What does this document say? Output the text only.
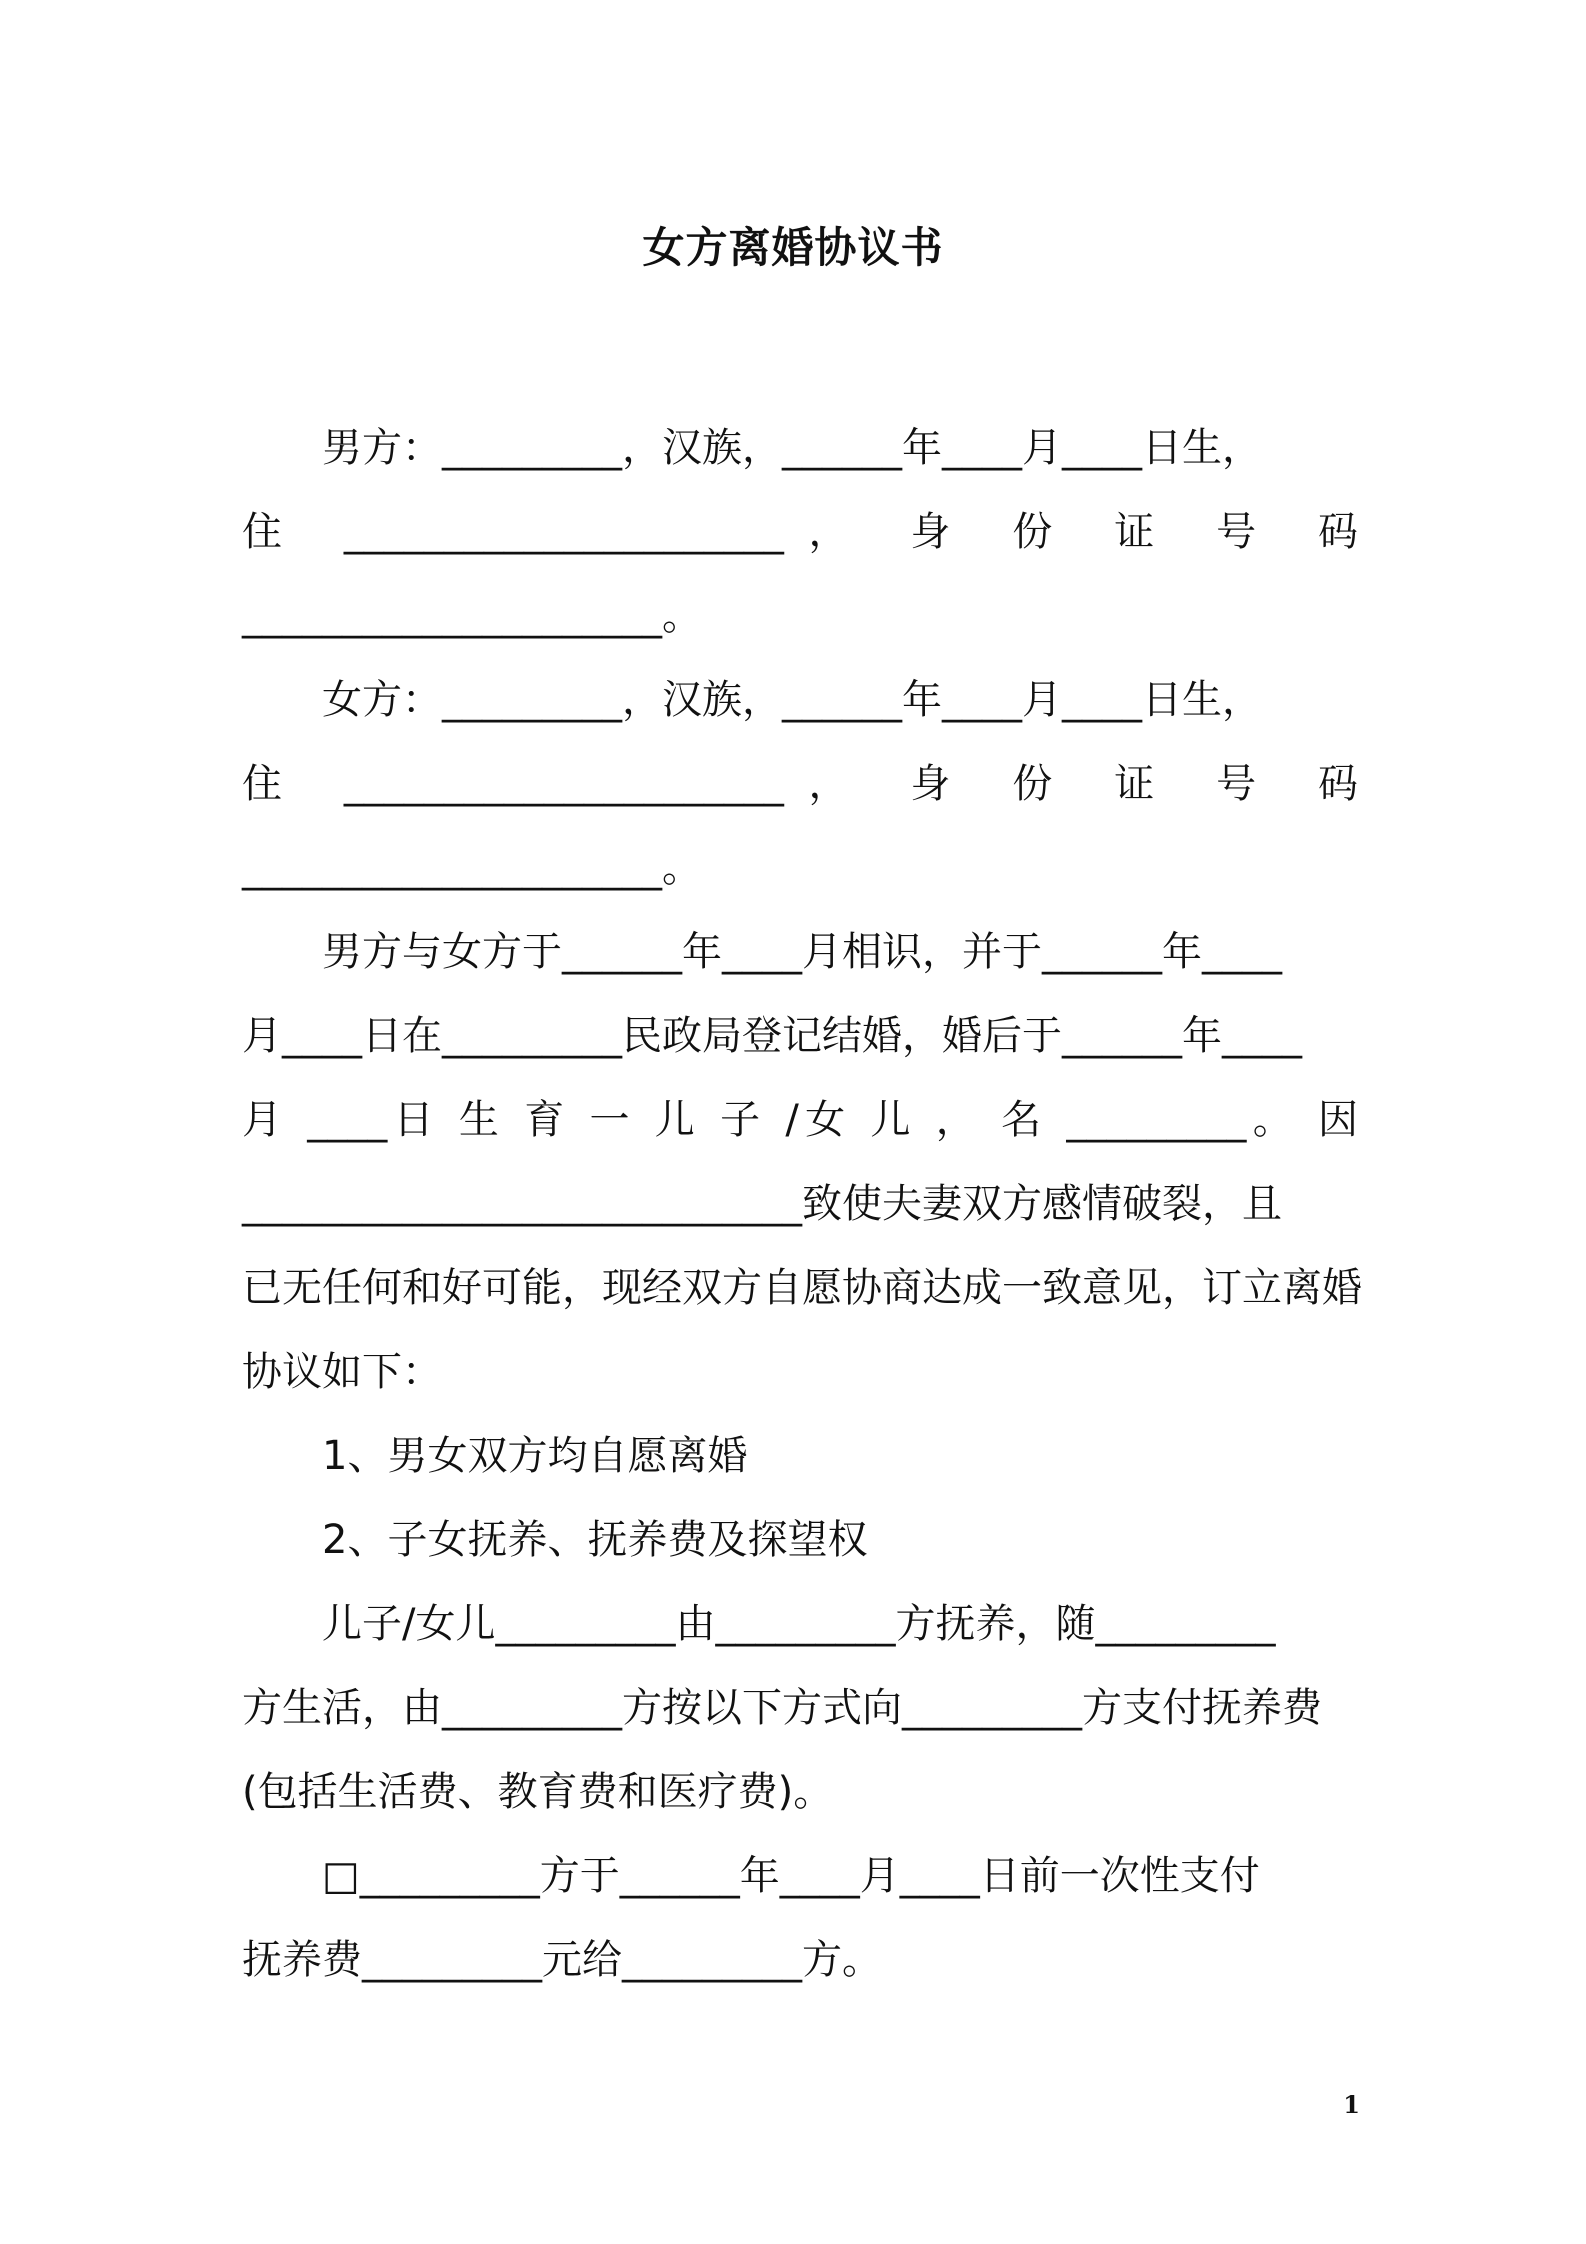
女方离婚协议书
男方：_________，汉族，______年____月____日生，
住 ______________________， 身 份 证 号 码
_____________________。
女方：_________，汉族，______年____月____日生，
住 ______________________， 身 份 证 号 码
_____________________。
男方与女方于______年____月相识，并于______年____
月____日在_________民政局登记结婚，婚后于______年____
月 ____日 生 育 一 儿 子 /女 儿 ， 名 _________。 因
____________________________致使夫妻双方感情破裂，且
已无任何和好可能，现经双方自愿协商达成一致意见，订立离婚
协议如下：
1、男女双方均自愿离婚
2、子女抚养、抚养费及探望权
儿子/女儿_________由_________方抚养，随_________
方生活，由_________方按以下方式向_________方支付抚养费
(包括生活费、教育费和医疗费)。
□_________方于______年____月____日前一次性支付
抚养费_________元给_________方。
1
